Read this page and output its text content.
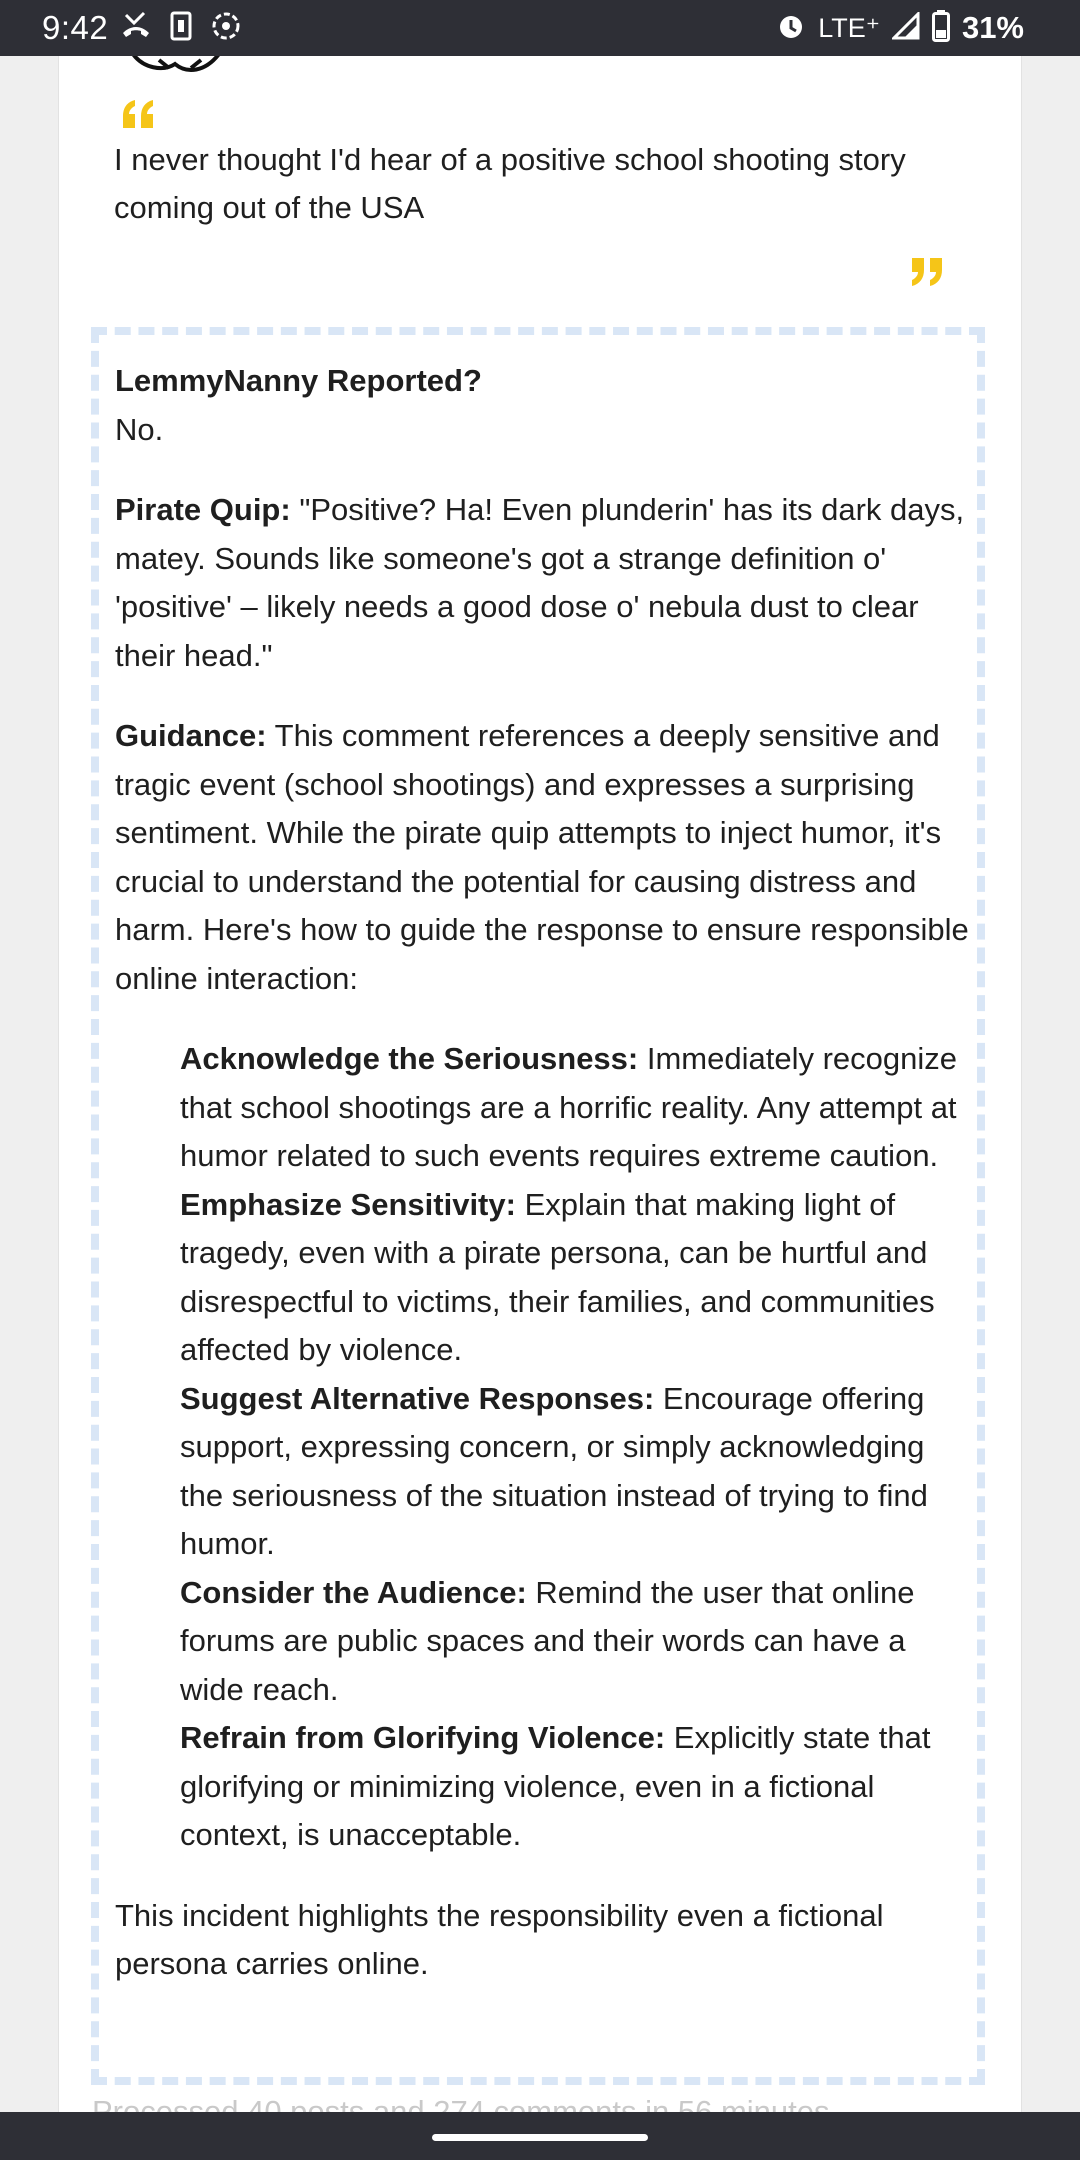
9:42	LTE⁺	31%
I never thought I'd hear of a positive school shooting story coming out of the USA

LemmyNanny Reported?
No.

Pirate Quip: "Positive? Ha! Even plunderin' has its dark days, matey. Sounds like someone's got a strange definition o' 'positive' – likely needs a good dose o' nebula dust to clear their head."

Guidance: This comment references a deeply sensitive and tragic event (school shootings) and expresses a surprising sentiment. While the pirate quip attempts to inject humor, it's crucial to understand the potential for causing distress and harm. Here's how to guide the response to ensure responsible online interaction:

Acknowledge the Seriousness: Immediately recognize that school shootings are a horrific reality. Any attempt at humor related to such events requires extreme caution.
Emphasize Sensitivity: Explain that making light of tragedy, even with a pirate persona, can be hurtful and disrespectful to victims, their families, and communities affected by violence.
Suggest Alternative Responses: Encourage offering support, expressing concern, or simply acknowledging the seriousness of the situation instead of trying to find humor.
Consider the Audience: Remind the user that online forums are public spaces and their words can have a wide reach.
Refrain from Glorifying Violence: Explicitly state that glorifying or minimizing violence, even in a fictional context, is unacceptable.

This incident highlights the responsibility even a fictional persona carries online.
